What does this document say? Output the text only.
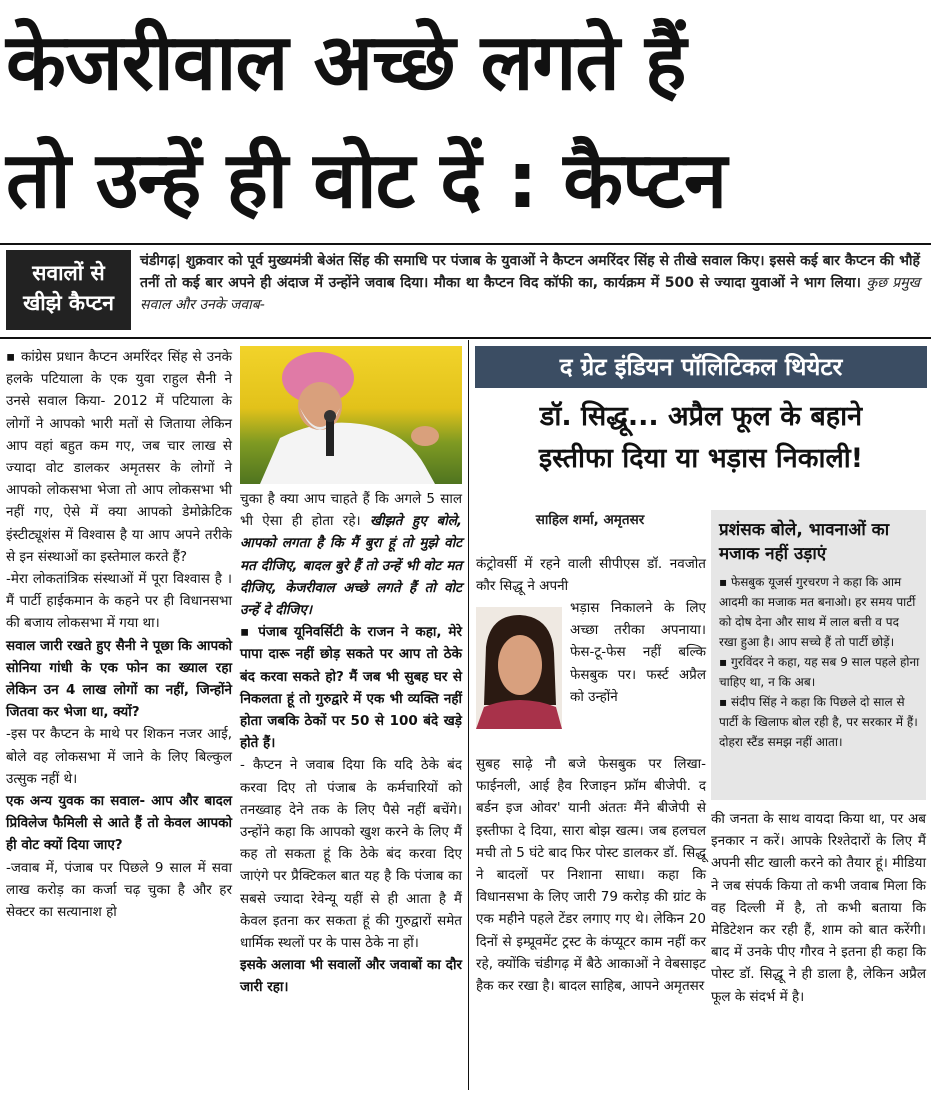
केजरीवाल अच्छे लगते हैं
तो उन्हें ही वोट दें : कैप्टन
सवालों से
खीझे कैप्टन
चंडीगढ़| शुक्रवार को पूर्व मुख्यमंत्री बेअंत सिंह की समाधि पर पंजाब के युवाओं ने कैप्टन अमरिंदर सिंह से तीखे सवाल किए। इससे कई बार कैप्टन की भौहें तनीं तो कई बार अपने ही अंदाज में उन्होंने जवाब दिया। मौका था कैप्टन विद कॉफी का, कार्यक्रम में 500 से ज्यादा युवाओं ने भाग लिया। कुछ प्रमुख सवाल और उनके जवाब-
▪ कांग्रेस प्रधान कैप्टन अमरिंदर सिंह से उनके हलके पटियाला के एक युवा राहुल सैनी ने उनसे सवाल किया- 2012 में पटियाला के लोगों ने आपको भारी मतों से जिताया लेकिन आप वहां बहुत कम गए, जब चार लाख से ज्यादा वोट डालकर अमृतसर के लोगों ने आपको लोकसभा भेजा तो आप लोकसभा भी नहीं गए, ऐसे में क्या आपको डेमोक्रेटिक इंस्टीट्यूशंस में विश्वास है या आप अपने तरीके से इन संस्थाओं का इस्तेमाल करते हैं?
-मेरा लोकतांत्रिक संस्थाओं में पूरा विश्वास है । मैं पार्टी हाईकमान के कहने पर ही विधानसभा की बजाय लोकसभा में गया था।
सवाल जारी रखते हुए सैनी ने पूछा कि आपको सोनिया गांधी के एक फोन का ख्याल रहा लेकिन उन 4 लाख लोगों का नहीं, जिन्होंने जितवा कर भेजा था, क्यों?
-इस पर कैप्टन के माथे पर शिकन नजर आई, बोले वह लोकसभा में जाने के लिए बिल्कुल उत्सुक नहीं थे।
एक अन्य युवक का सवाल- आप और बादल प्रिविलेज फैमिली से आते हैं तो केवल आपको ही वोट क्यों दिया जाए?
-जवाब में, पंजाब पर पिछले 9 साल में सवा लाख करोड़ का कर्जा चढ़ चुका है और हर सेक्टर का सत्यानाश हो
चुका है क्या आप चाहते हैं कि अगले 5 साल भी ऐसा ही होता रहे। खीझते हुए बोले, आपको लगता है कि मैं बुरा हूं तो मुझे वोट मत दीजिए, बादल बुरे हैं तो उन्हें भी वोट मत दीजिए, केजरीवाल अच्छे लगते हैं तो वोट उन्हें दे दीजिए।
▪ पंजाब यूनिवर्सिटी के राजन ने कहा, मेरे पापा दारू नहीं छोड़ सकते पर आप तो ठेके बंद करवा सकते हो? मैं जब भी सुबह घर से निकलता हूं तो गुरुद्वारे में एक भी व्यक्ति नहीं होता जबकि ठेकों पर 50 से 100 बंदे खड़े होते हैं।
- कैप्टन ने जवाब दिया कि यदि ठेके बंद करवा दिए तो पंजाब के कर्मचारियों को तनख्वाह देने तक के लिए पैसे नहीं बचेंगे। उन्होंने कहा कि आपको खुश करने के लिए मैं कह तो सकता हूं कि ठेके बंद करवा दिए जाएंगे पर प्रैक्टिकल बात यह है कि पंजाब का सबसे ज्यादा रेवेन्यू यहीं से ही आता है मैं केवल इतना कर सकता हूं की गुरुद्वारों समेत धार्मिक स्थलों पर के पास ठेके ना हों।
इसके अलावा भी सवालों और जवाबों का दौर जारी रहा।
द ग्रेट इंडियन पॉलिटिकल थियेटर
डॉ. सिद्धू... अप्रैल फूल के बहाने
इस्तीफा दिया या भड़ास निकाली!
साहिल शर्मा, अमृतसर
कंट्रोवर्सी में रहने वाली सीपीएस डॉ. नवजोत कौर सिद्धू ने अपनी
भड़ास निकालने के लिए अच्छा तरीका अपनाया। फेस-टू-फेस नहीं बल्कि फेसबुक पर। फर्स्ट अप्रैल को उन्होंने
सुबह साढ़े नौ बजे फेसबुक पर लिखा- फाईनली, आई हैव रिजाइन फ्रॉम बीजेपी. द बर्डन इज ओवर' यानी अंततः मैंने बीजेपी से इस्तीफा दे दिया, सारा बोझ खत्म। जब हलचल मची तो 5 घंटे बाद फिर पोस्ट डालकर डॉ. सिद्धू ने बादलों पर निशाना साधा। कहा कि विधानसभा के लिए जारी 79 करोड़ की ग्रांट के एक महीने पहले टेंडर लगाए गए थे। लेकिन 20 दिनों से इम्प्रूवमेंट ट्रस्ट के कंप्यूटर काम नहीं कर रहे, क्योंकि चंडीगढ़ में बैठे आकाओं ने वेबसाइट हैक कर रखा है। बादल साहिब, आपने अमृतसर
प्रशंसक बोले, भावनाओं का मजाक नहीं उड़ाएं
▪ फेसबुक यूजर्स गुरचरण ने कहा कि आम आदमी का मजाक मत बनाओ। हर समय पार्टी को दोष देना और साथ में लाल बत्ती व पद रखा हुआ है। आप सच्चे हैं तो पार्टी छोड़ें।
▪ गुरविंदर ने कहा, यह सब 9 साल पहले होना चाहिए था, न कि अब।
▪ संदीप सिंह ने कहा कि पिछले दो साल से पार्टी के खिलाफ बोल रही है, पर सरकार में हैं। दोहरा स्टैंड समझ नहीं आता।
की जनता के साथ वायदा किया था, पर अब इनकार न करें। आपके रिश्तेदारों के लिए मैं अपनी सीट खाली करने को तैयार हूं। मीडिया ने जब संपर्क किया तो कभी जवाब मिला कि वह दिल्ली में है, तो कभी बताया कि मेडिटेशन कर रही हैं, शाम को बात करेंगी। बाद में उनके पीए गौरव ने इतना ही कहा कि पोस्ट डॉ. सिद्धू ने ही डाला है, लेकिन अप्रैल फूल के संदर्भ में है।
